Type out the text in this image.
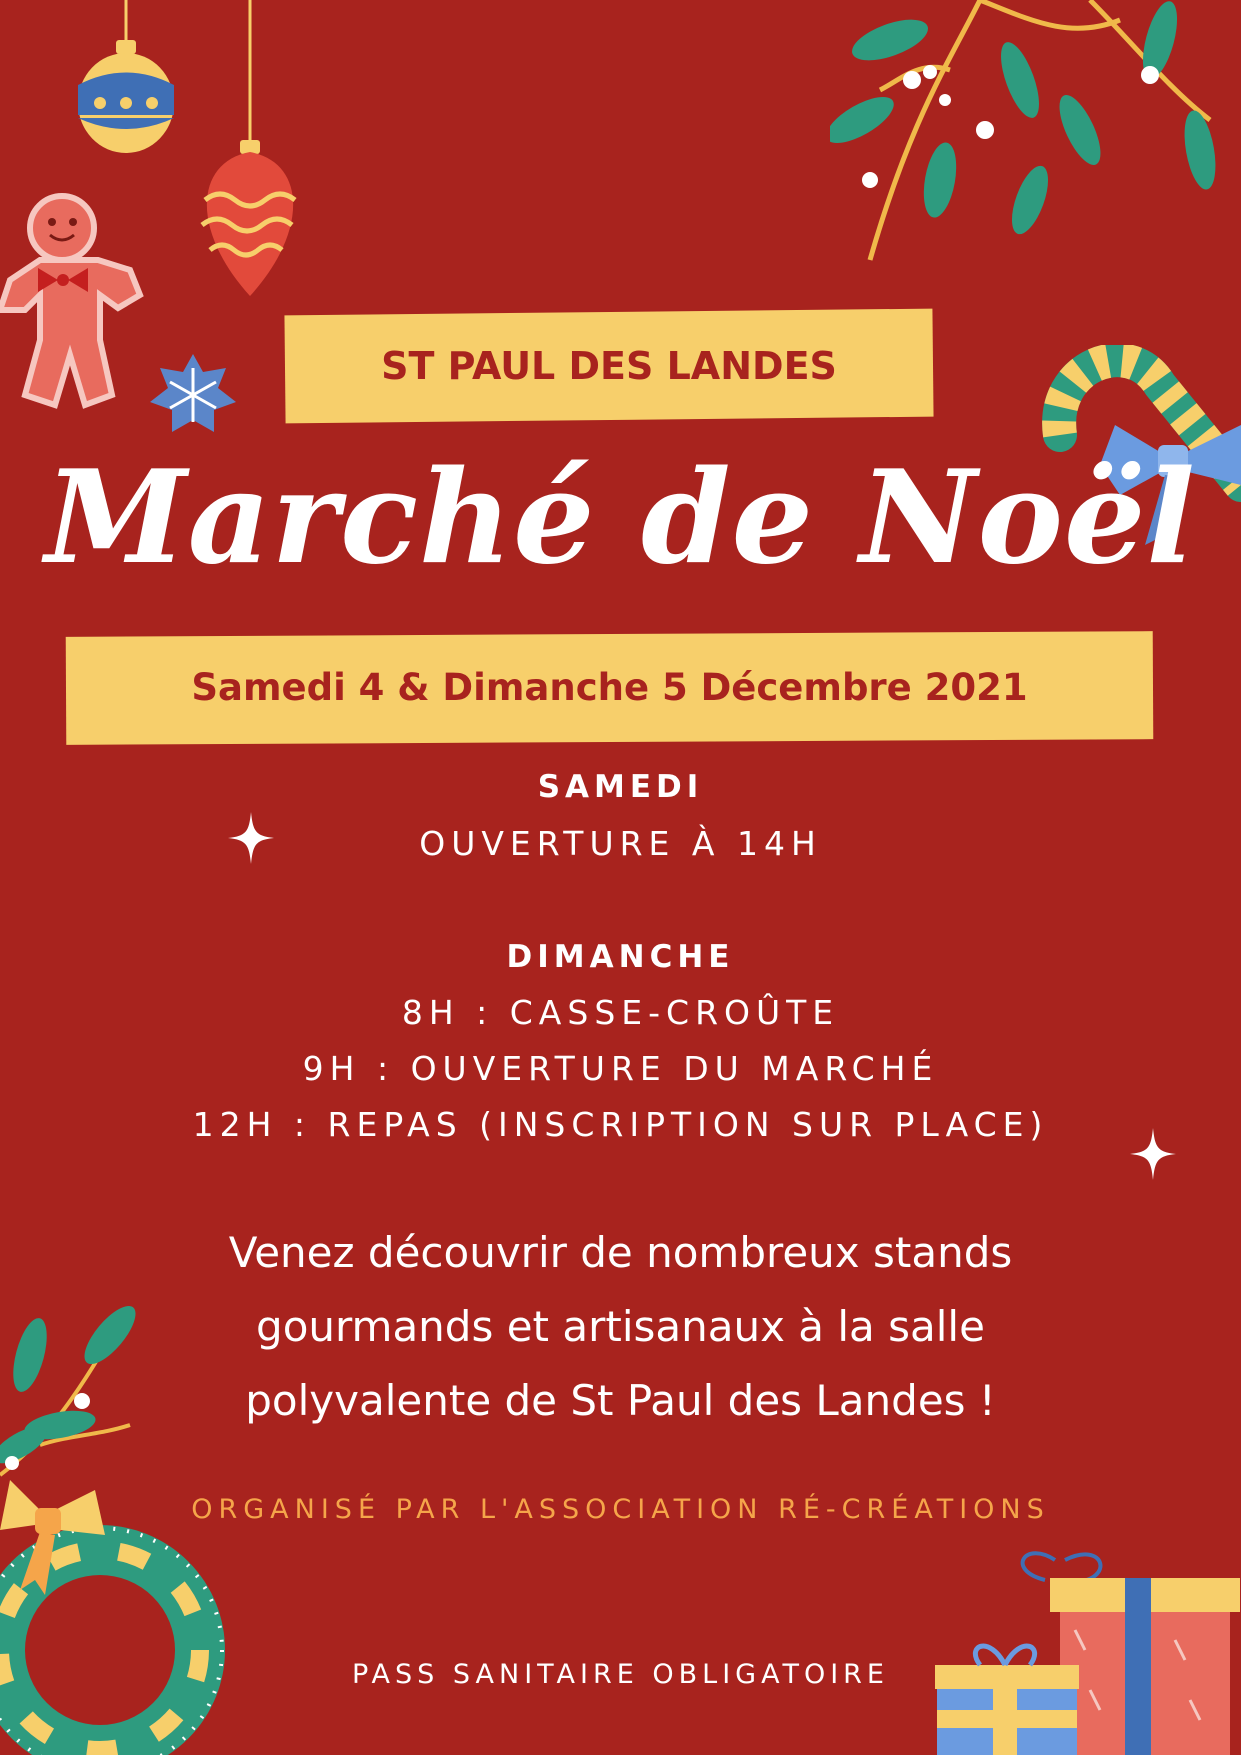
ST PAUL DES LANDES
Marché de Noël
Samedi 4 & Dimanche 5 Décembre 2021
SAMEDI
OUVERTURE À 14H
DIMANCHE
8H : CASSE-CROÛTE
9H : OUVERTURE DU MARCHÉ
12H : REPAS (INSCRIPTION SUR PLACE)
Venez découvrir de nombreux stands
gourmands et artisanaux à la salle
polyvalente de St Paul des Landes !
ORGANISÉ PAR L'ASSOCIATION RÉ-CRÉATIONS
PASS SANITAIRE OBLIGATOIRE
